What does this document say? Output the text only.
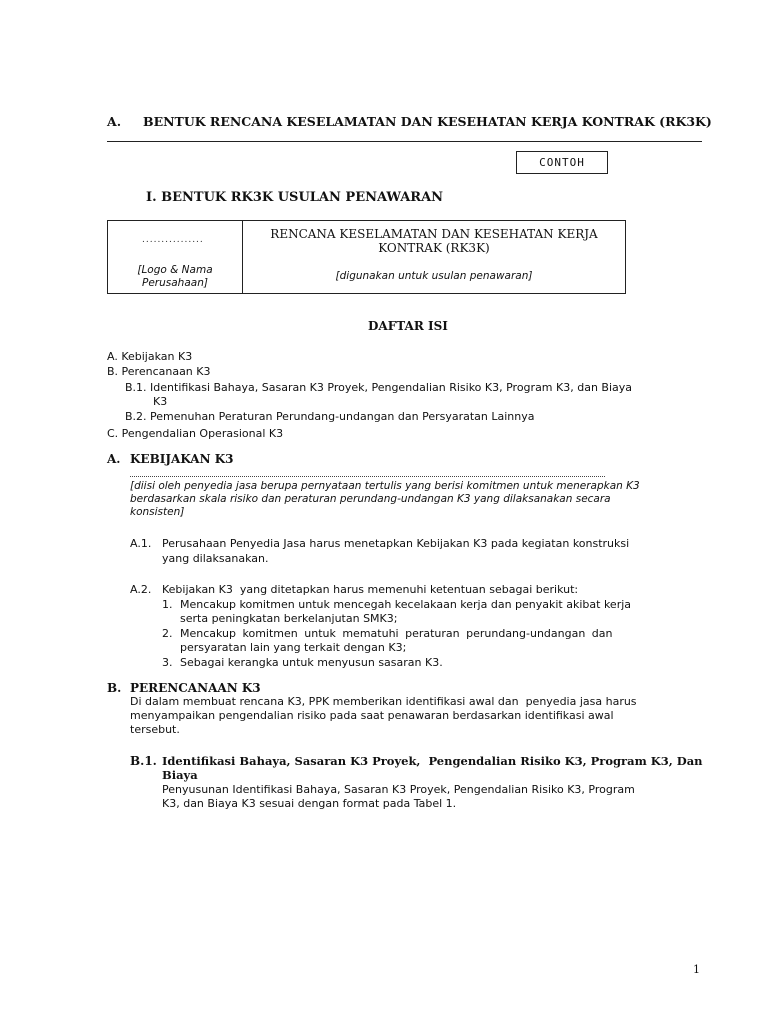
A. BENTUK RENCANA KESELAMATAN DAN KESEHATAN KERJA KONTRAK (RK3K)
CONTOH
I. BENTUK RK3K USULAN PENAWARAN
................
[Logo & Nama
Perusahaan]
RENCANA KESELAMATAN DAN KESEHATAN KERJA
KONTRAK (RK3K)
[digunakan untuk usulan penawaran]
DAFTAR ISI
A. Kebijakan K3
B. Perencanaan K3
B.1. Identifikasi Bahaya, Sasaran K3 Proyek, Pengendalian Risiko K3, Program K3, dan Biaya
K3
B.2. Pemenuhan Peraturan Perundang-undangan dan Persyaratan Lainnya
C. Pengendalian Operasional K3
A. KEBIJAKAN K3
[diisi oleh penyedia jasa berupa pernyataan tertulis yang berisi komitmen untuk menerapkan K3
berdasarkan skala risiko dan peraturan perundang-undangan K3 yang dilaksanakan secara
konsisten]
A.1. Perusahaan Penyedia Jasa harus menetapkan Kebijakan K3 pada kegiatan konstruksi
yang dilaksanakan.
A.2. Kebijakan K3  yang ditetapkan harus memenuhi ketentuan sebagai berikut:
1. Mencakup komitmen untuk mencegah kecelakaan kerja dan penyakit akibat kerja
serta peningkatan berkelanjutan SMK3;
2. Mencakup komitmen untuk mematuhi peraturan perundang-undangan dan
persyaratan lain yang terkait dengan K3;
3. Sebagai kerangka untuk menyusun sasaran K3.
B. PERENCANAAN K3
Di dalam membuat rencana K3, PPK memberikan identifikasi awal dan  penyedia jasa harus
menyampaikan pengendalian risiko pada saat penawaran berdasarkan identifikasi awal
tersebut.
B.1. Identifikasi Bahaya, Sasaran K3 Proyek,  Pengendalian Risiko K3, Program K3, Dan
Biaya
Penyusunan Identifikasi Bahaya, Sasaran K3 Proyek, Pengendalian Risiko K3, Program
K3, dan Biaya K3 sesuai dengan format pada Tabel 1.
1
